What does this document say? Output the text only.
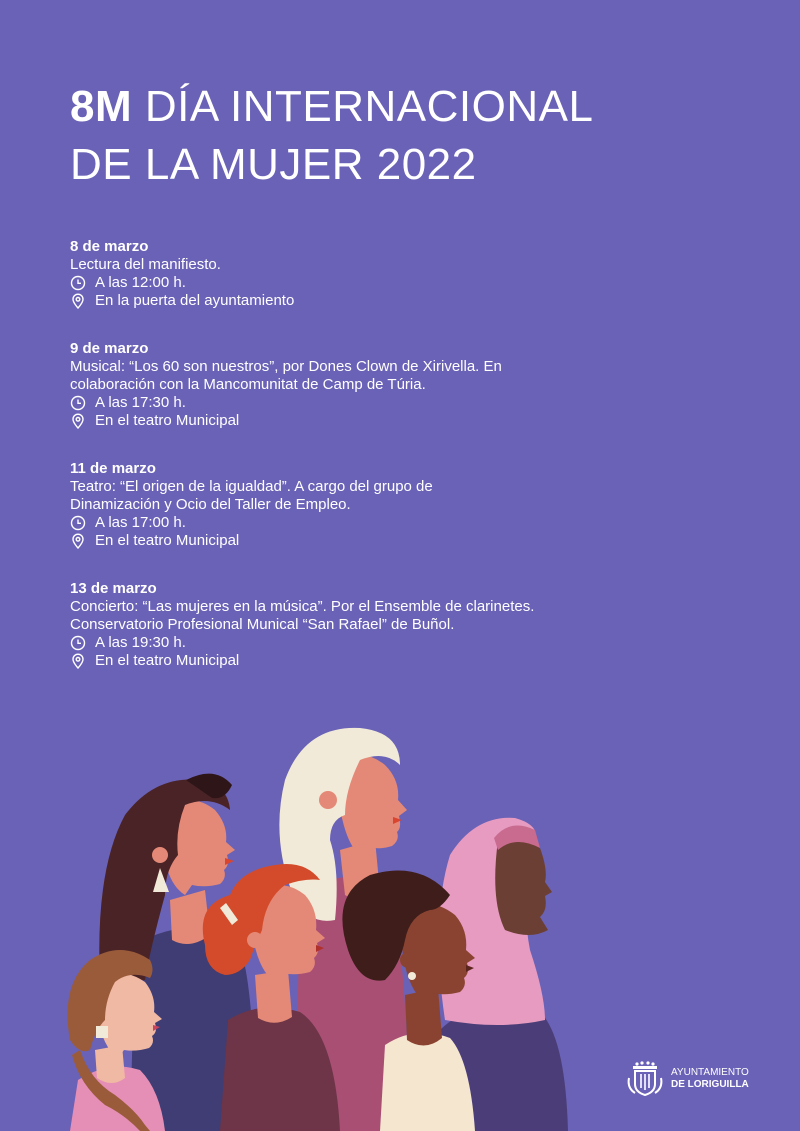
8M DÍA INTERNACIONAL
DE LA MUJER 2022
8 de marzo
Lectura del manifiesto.
A las 12:00 h.
En la puerta del ayuntamiento
9 de marzo
Musical: “Los 60 son nuestros”, por Dones Clown de Xirivella. En
colaboración con la Mancomunitat de Camp de Túria.
A las 17:30 h.
En el teatro Municipal
11 de marzo
Teatro: “El origen de la igualdad”. A cargo del grupo de
Dinamización y Ocio del Taller de Empleo.
A las 17:00 h.
En el teatro Municipal
13 de marzo
Concierto: “Las mujeres en la música”. Por el Ensemble de clarinetes.
Conservatorio Profesional Munical “San Rafael” de Buñol.
A las 19:30 h.
En el teatro Municipal
AYUNTAMIENTO
DE LORIGUILLA
